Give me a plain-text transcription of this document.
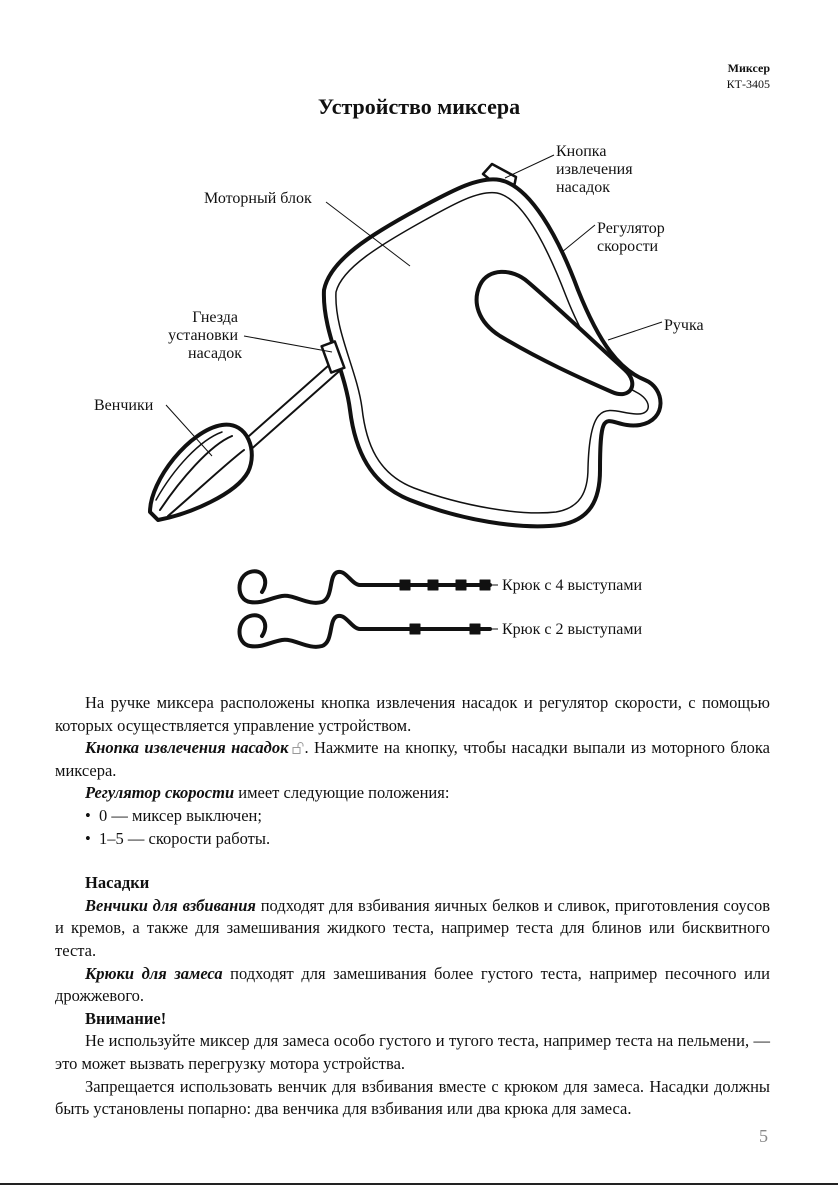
Миксер
КТ-3405
Устройство миксера
Кнопка извлечения насадок
Моторный блок
Регулятор скорости
Ручка
Гнезда установки насадок
Венчики
Крюк с 4 выступами
Крюк с 2 выступами

На ручке миксера расположены кнопка извлечения насадок и регулятор скорости, с помощью которых осуществляется управление устройством.

Кнопка извлечения насадок . Нажмите на кнопку, чтобы насадки выпали из моторного блока миксера.

Регулятор скорости имеет следующие положения:

• 0 — миксер выключен;
• 1–5 — скорости работы.
Насадки

Венчики для взбивания подходят для взбивания яичных белков и сливок, приготовления соусов и кремов, а также для замешивания жидкого теста, например теста для блинов или бисквитного теста.

Крюки для замеса подходят для замешивания более густого теста, например песочного или дрожжевого.

Внимание!

Не используйте миксер для замеса особо густого и тугого теста, например теста на пельмени, — это может вызвать перегрузку мотора устройства.

Запрещается использовать венчик для взбивания вместе с крюком для замеса. Насадки должны быть установлены попарно: два венчика для взбивания или два крюка для замеса.

5
